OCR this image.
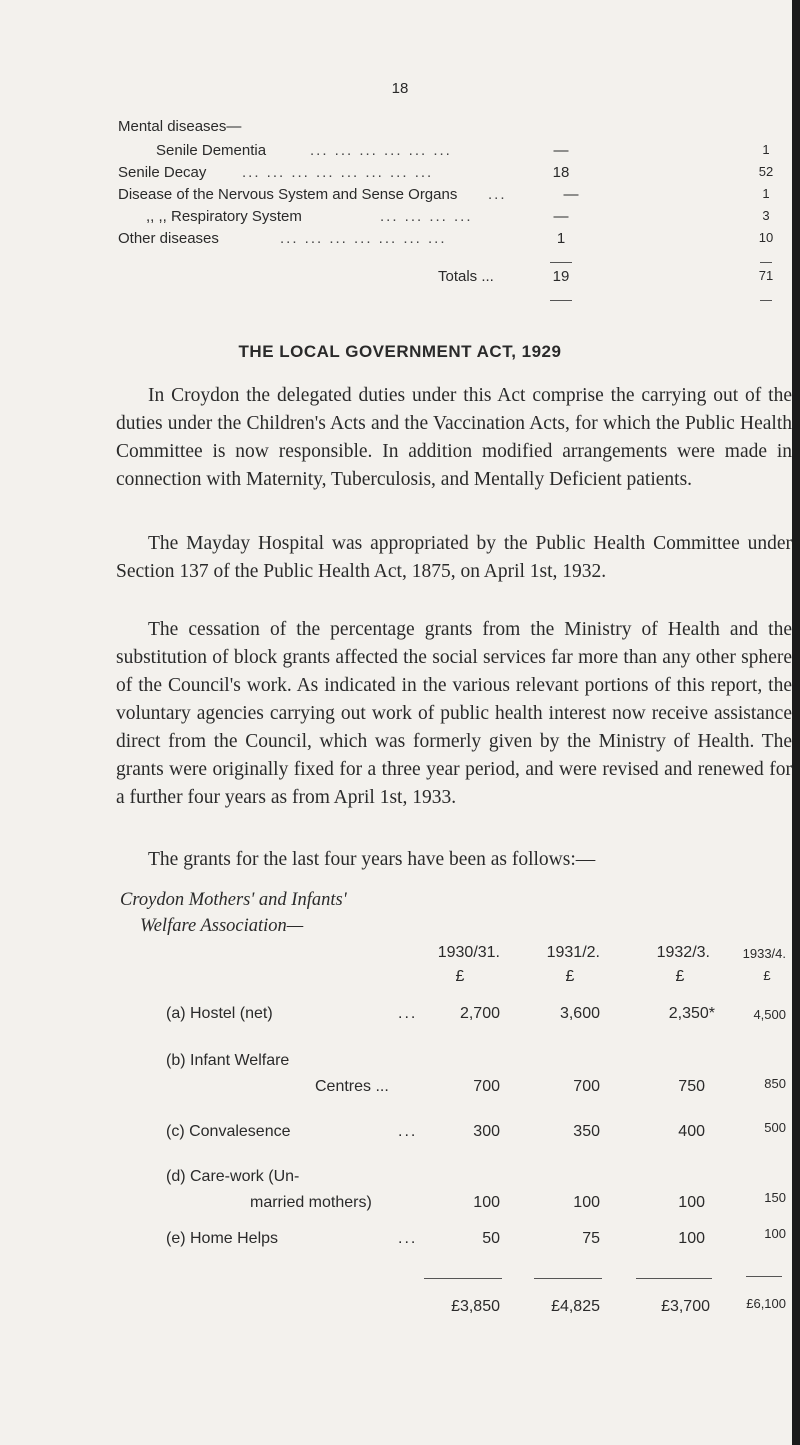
18
Mental diseases—
Senile Dementia	... ... ... ... ... ...	—	1
Senile Decay ... ... ... ... ... ... ... ...	18	52
Disease of the Nervous System and Sense Organs ...	—	1
,, ,, Respiratory System	... ... ... ...	—	3
Other diseases	... ... ... ... ... ... ...	1	10
Totals ...	19	71
THE LOCAL GOVERNMENT ACT, 1929
In Croydon the delegated duties under this Act comprise the carrying out of the duties under the Children's Acts and the Vaccination Acts, for which the Public Health Committee is now responsible. In addition modified arrangements were made in connection with Maternity, Tuberculosis, and Mentally Deficient patients.
The Mayday Hospital was appropriated by the Public Health Committee under Section 137 of the Public Health Act, 1875, on April 1st, 1932.
The cessation of the percentage grants from the Ministry of Health and the substitution of block grants affected the social services far more than any other sphere of the Council's work. As indicated in the various relevant portions of this report, the voluntary agencies carrying out work of public health interest now receive assistance direct from the Council, which was formerly given by the Ministry of Health. The grants were originally fixed for a three year period, and were revised and renewed for a further four years as from April 1st, 1933.
The grants for the last four years have been as follows:—
Croydon Mothers' and Infants'
Welfare Association—
1930/31.	1931/2.	1932/3.	1933/4.
£	£	£	£
(a) Hostel (net)	...	2,700	3,600	2,350*	4,500
(b) Infant Welfare
Centres ...	700	700	750	850
(c) Convalesence	...	300	350	400	500
(d) Care-work (Un-
married mothers)	100	100	100	150
(e) Home Helps	...	50	75	100	100
£3,850	£4,825	£3,700	£6,100
